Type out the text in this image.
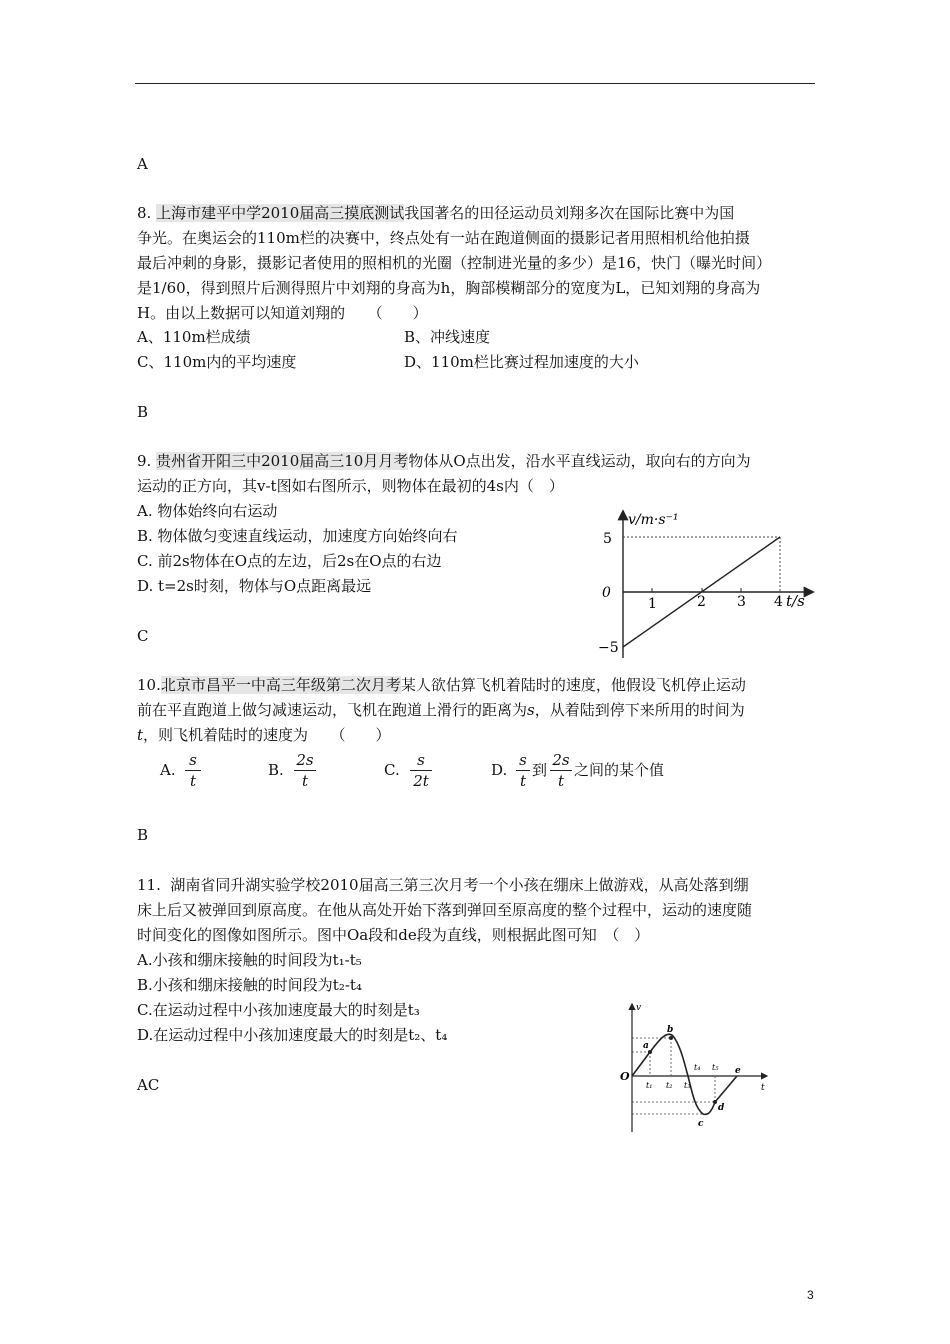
A
8. 上海市建平中学2010届高三摸底测试我国著名的田径运动员刘翔多次在国际比赛中为国
争光。在奥运会的110m栏的决赛中，终点处有一站在跑道侧面的摄影记者用照相机给他拍摄
最后冲刺的身影，摄影记者使用的照相机的光圈（控制进光量的多少）是16，快门（曝光时间）
是1/60，得到照片后测得照片中刘翔的身高为h，胸部模糊部分的宽度为L，已知刘翔的身高为
H。由以上数据可以知道刘翔的　　（　　）
A、110m栏成绩	B、冲线速度
C、110m内的平均速度	D、110m栏比赛过程加速度的大小
B
9. 贵州省开阳三中2010届高三10月月考物体从O点出发，沿水平直线运动，取向右的方向为
运动的正方向，其v-t图如右图所示，则物体在最初的4s内（　）
A. 物体始终向右运动
B. 物体做匀变速直线运动，加速度方向始终向右
C. 前2s物体在O点的左边，后2s在O点的右边
D. t=2s时刻，物体与O点距离最远
C
v/m·s⁻¹
t/s
0
5
−5
1	2 3 4
10.北京市昌平一中高三年级第二次月考某人欲估算飞机着陆时的速度，他假设飞机停止运动
前在平直跑道上做匀减速运动，飞机在跑道上滑行的距离为s，从着陆到停下来所用的时间为
t，则飞机着陆时的速度为　　（　　）
A.
s
t
B.
2s
t
C.
s
2t
D.
s
t
到
2s
t
之间的某个值
B
11. 湖南省同升湖实验学校2010届高三第三次月考一个小孩在绷床上做游戏，从高处落到绷
床上后又被弹回到原高度。在他从高处开始下落到弹回至原高度的整个过程中，运动的速度随
时间变化的图像如图所示。图中Oa段和de段为直线，则根据此图可知　（　）
A.小孩和绷床接触的时间段为t₁-t₅
B.小孩和绷床接触的时间段为t₂-t₄
C.在运动过程中小孩加速度最大的时刻是t₃
D.在运动过程中小孩加速度最大的时刻是t₂、t₄
AC
v
t
O
a
b
c
d
e
t₁ t₂ t₃
t₄ t₅
3
